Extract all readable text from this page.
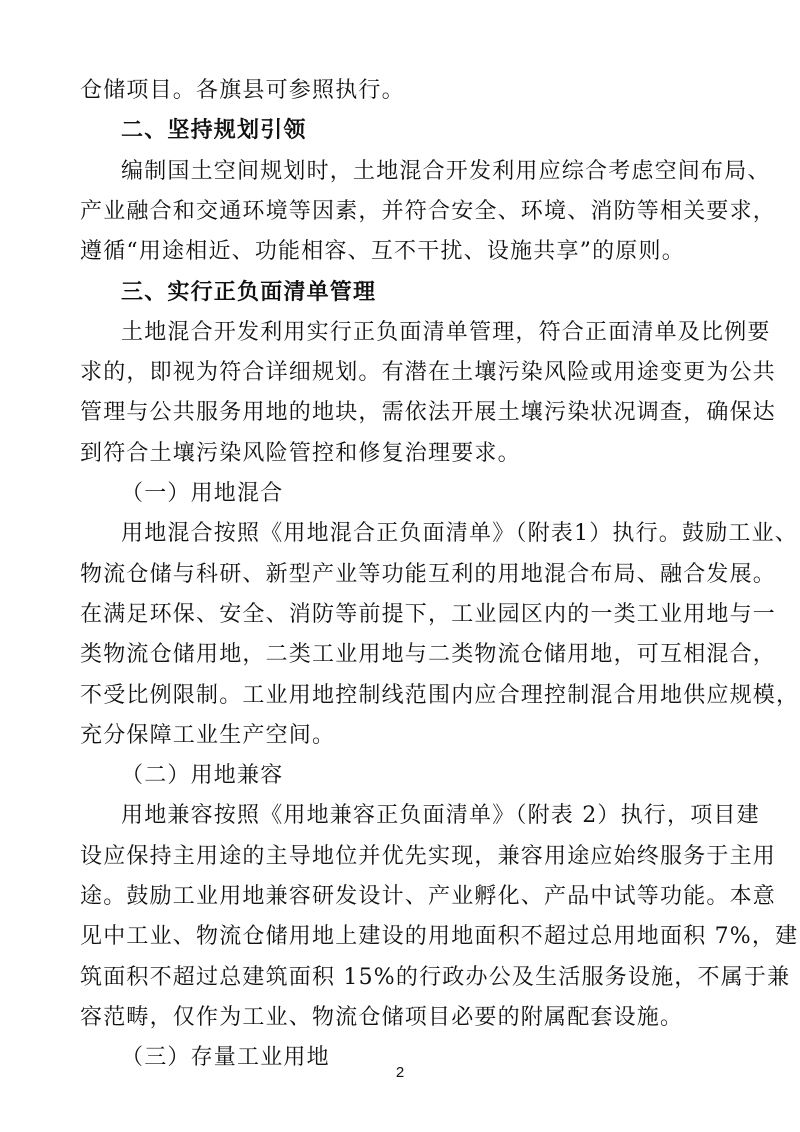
仓储项目。各旗县可参照执行。
二、坚持规划引领
编制国土空间规划时，土地混合开发利用应综合考虑空间布局、
产业融合和交通环境等因素，并符合安全、环境、消防等相关要求，
遵循“用途相近、功能相容、互不干扰、设施共享”的原则。
三、实行正负面清单管理
土地混合开发利用实行正负面清单管理，符合正面清单及比例要
求的，即视为符合详细规划。有潜在土壤污染风险或用途变更为公共
管理与公共服务用地的地块，需依法开展土壤污染状况调查，确保达
到符合土壤污染风险管控和修复治理要求。
（一）用地混合
用地混合按照《用地混合正负面清单》（附表1）执行。鼓励工业、
物流仓储与科研、新型产业等功能互利的用地混合布局、融合发展。
在满足环保、安全、消防等前提下，工业园区内的一类工业用地与一
类物流仓储用地，二类工业用地与二类物流仓储用地，可互相混合，
不受比例限制。工业用地控制线范围内应合理控制混合用地供应规模，
充分保障工业生产空间。
（二）用地兼容
用地兼容按照《用地兼容正负面清单》（附表 2）执行，项目建
设应保持主用途的主导地位并优先实现，兼容用途应始终服务于主用
途。鼓励工业用地兼容研发设计、产业孵化、产品中试等功能。本意
见中工业、物流仓储用地上建设的用地面积不超过总用地面积 7%，建
筑面积不超过总建筑面积 15%的行政办公及生活服务设施，不属于兼
容范畴，仅作为工业、物流仓储项目必要的附属配套设施。
（三）存量工业用地
2
